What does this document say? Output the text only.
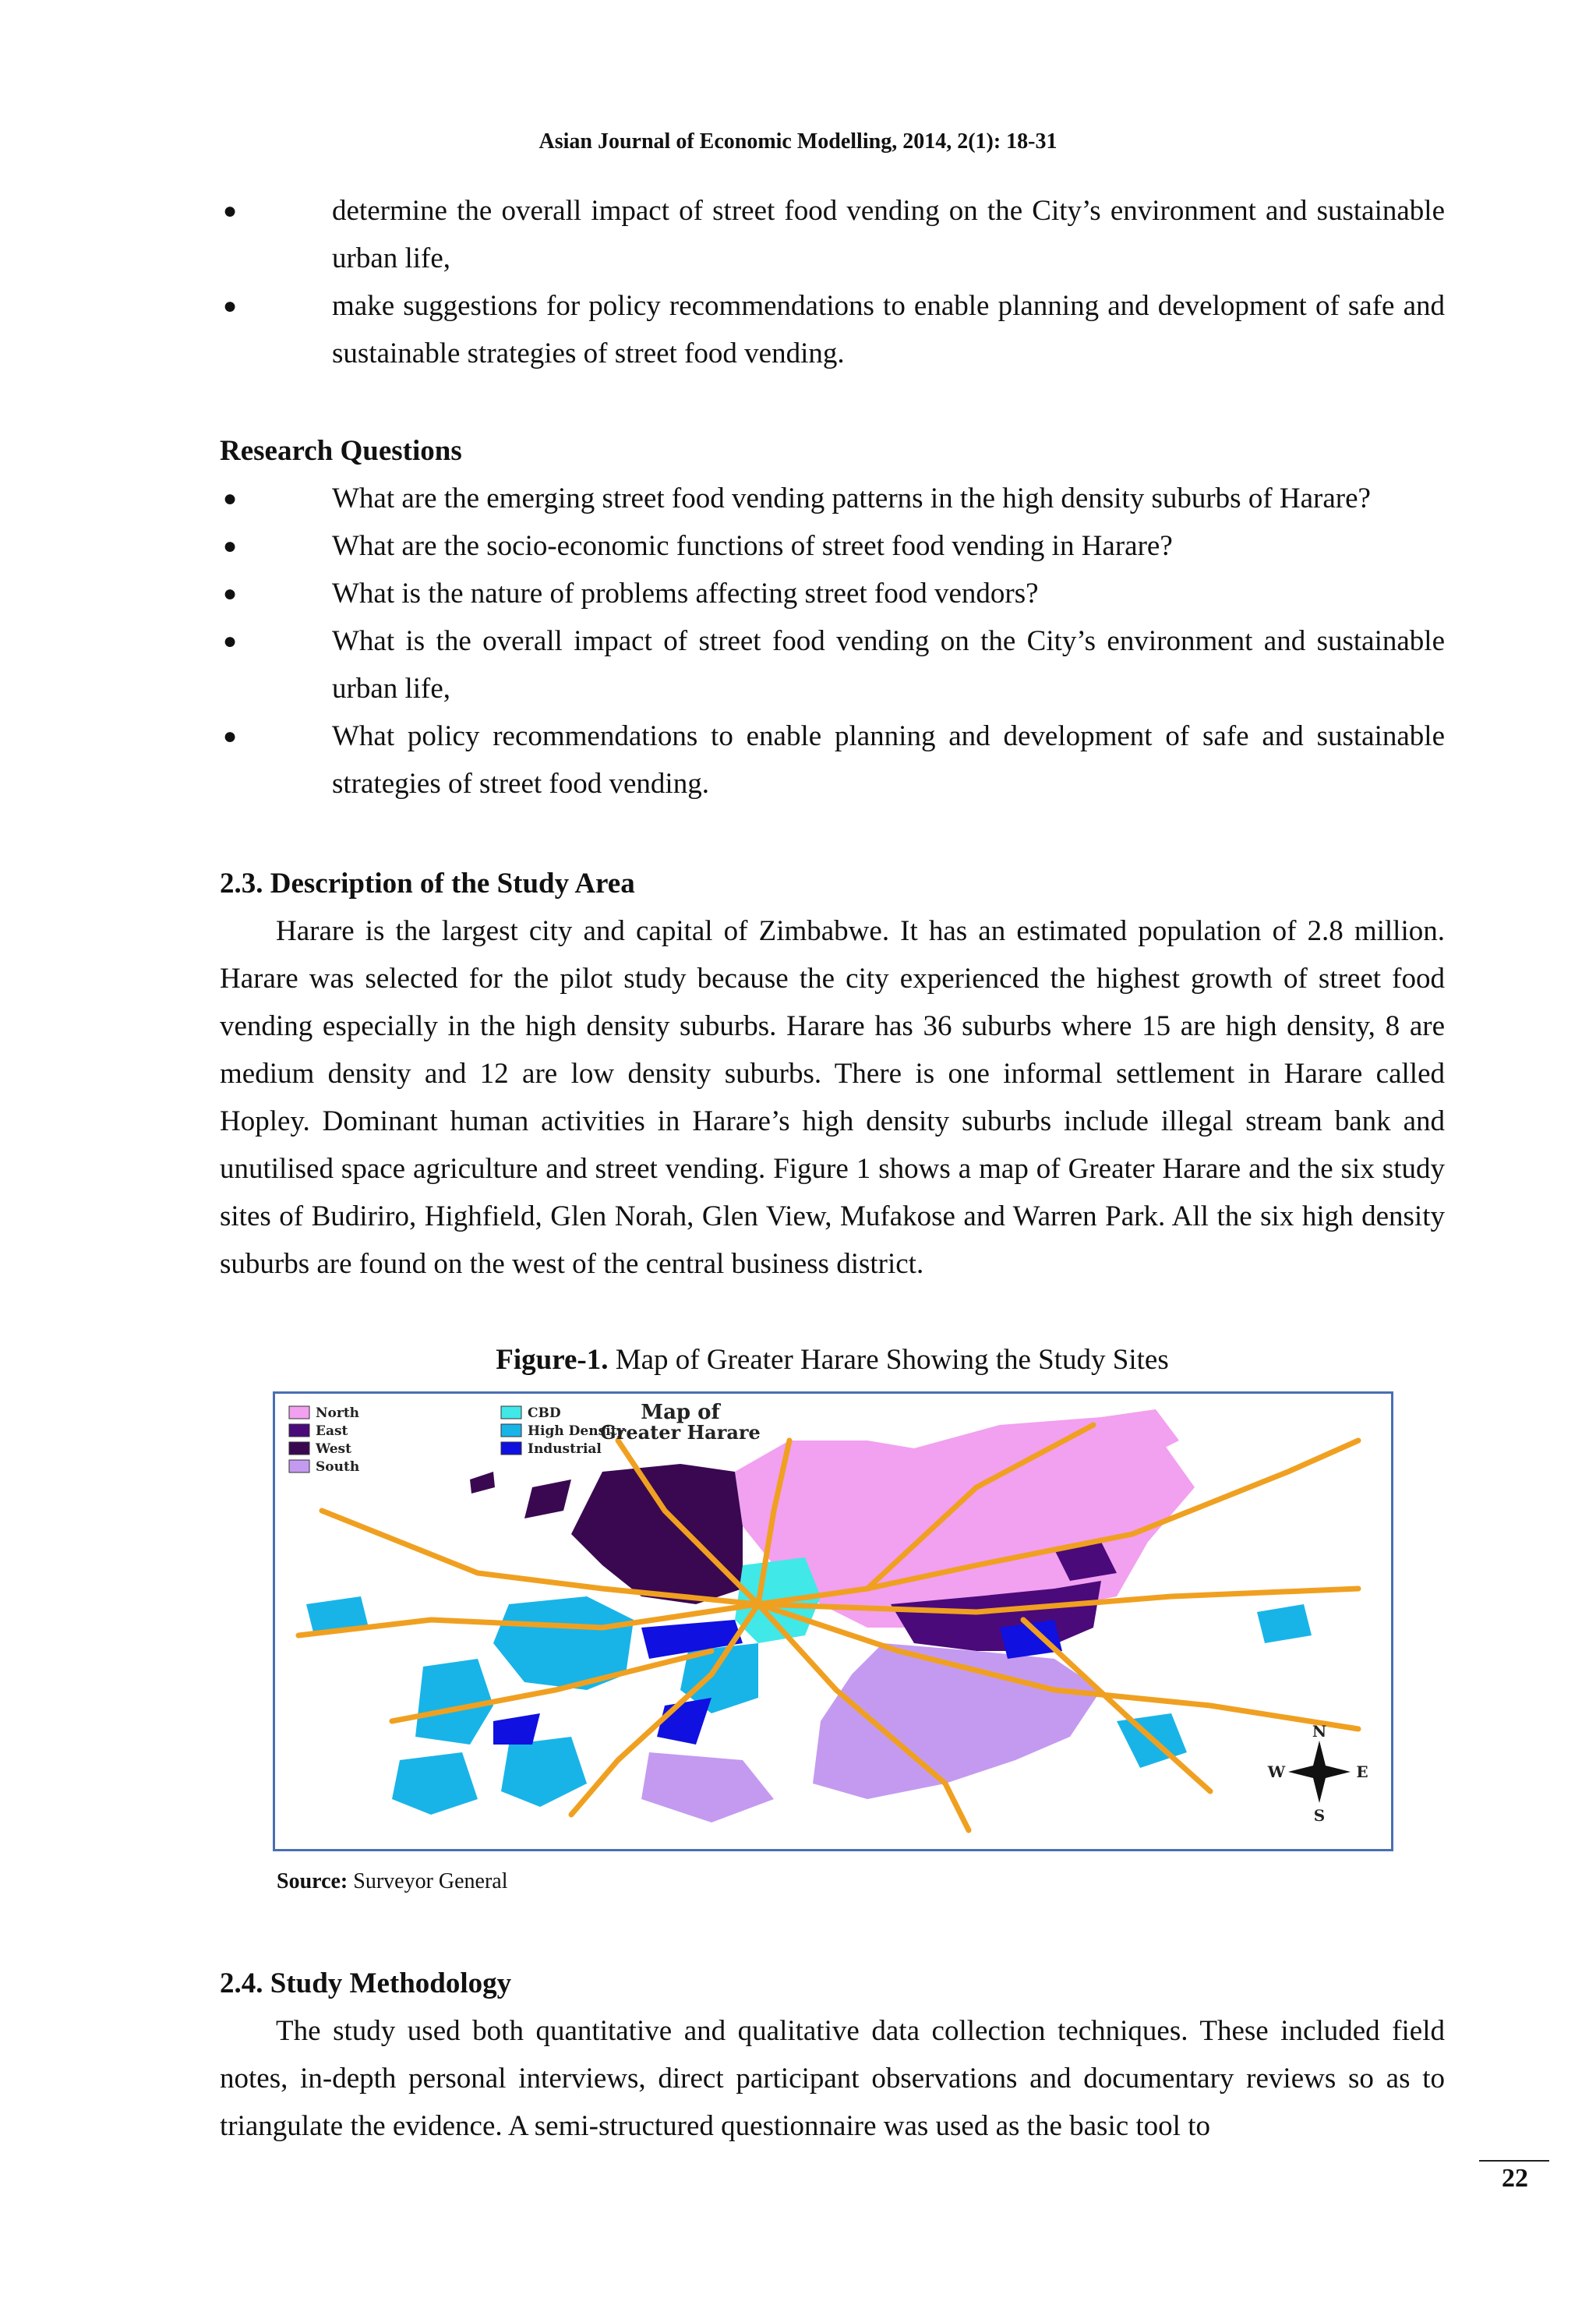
Asian Journal of Economic Modelling, 2014, 2(1): 18-31
●	determine the overall impact of street food vending on the City’s environment and sustainable urban life,
●	make suggestions for policy recommendations to enable planning and development of safe and sustainable strategies of street food vending.

Research Questions

●	What are the emerging street food vending patterns in the high density suburbs of Harare?
●	What are the socio-economic functions of street food vending in Harare?
●	What is the nature of problems affecting street food vendors?
●	What is the overall impact of street food vending on the City’s environment and sustainable urban life,
●	What policy recommendations to enable planning and development of safe and sustainable strategies of street food vending.

2.3. Description of the Study Area

Harare is the largest city and capital of Zimbabwe. It has an estimated population of 2.8 million. Harare was selected for the pilot study because the city experienced the highest growth of street food vending especially in the high density suburbs. Harare has 36 suburbs where 15 are high density, 8 are medium density and 12 are low density suburbs. There is one informal settlement in Harare called Hopley. Dominant human activities in Harare’s high density suburbs include illegal stream bank and unutilised space agriculture and street vending. Figure 1 shows a map of Greater Harare and the six study sites of Budiriro, Highfield, Glen Norah, Glen View, Mufakose and Warren Park. All the six high density suburbs are found on the west of the central business district.

Figure-1. Map of Greater Harare Showing the Study Sites

North
East
West
South
CBD
High Density
Industrial
Map of
Greater Harare
N
S
E
W
Source: Surveyor General

2.4. Study Methodology

The study used both quantitative and qualitative data collection techniques. These included field notes, in-depth personal interviews, direct participant observations and documentary reviews so as to triangulate the evidence. A semi-structured questionnaire was used as the basic tool to

22
